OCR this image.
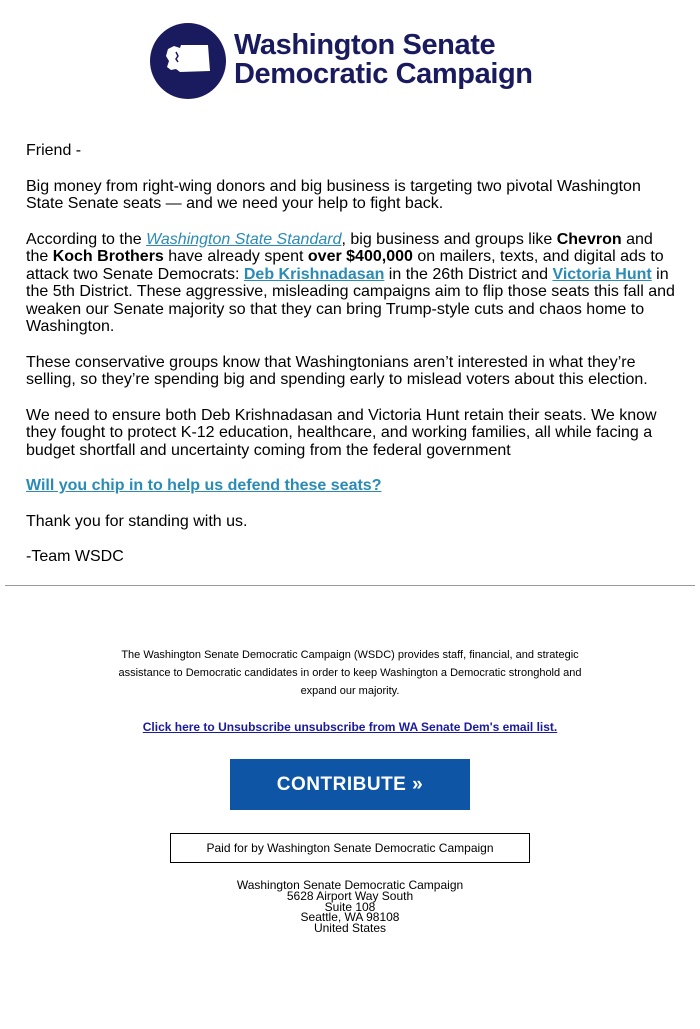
Washington Senate
Democratic Campaign

Friend -

Big money from right-wing donors and big business is targeting two pivotal Washington State Senate seats — and we need your help to fight back.

According to the Washington State Standard, big business and groups like Chevron and the Koch Brothers have already spent over $400,000 on mailers, texts, and digital ads to attack two Senate Democrats: Deb Krishnadasan in the 26th District and Victoria Hunt in the 5th District. These aggressive, misleading campaigns aim to flip those seats this fall and weaken our Senate majority so that they can bring Trump-style cuts and chaos home to Washington.

These conservative groups know that Washingtonians aren’t interested in what they’re selling, so they’re spending big and spending early to mislead voters about this election.

We need to ensure both Deb Krishnadasan and Victoria Hunt retain their seats. We know they fought to protect K-12 education, healthcare, and working families, all while facing a budget shortfall and uncertainty coming from the federal government

Will you chip in to help us defend these seats?

Thank you for standing with us.

-Team WSDC

The Washington Senate Democratic Campaign (WSDC) provides staff, financial, and strategic assistance to Democratic candidates in order to keep Washington a Democratic stronghold and expand our majority.
Click here to Unsubscribe unsubscribe from WA Senate Dem's email list.
CONTRIBUTE »
Paid for by Washington Senate Democratic Campaign
Washington Senate Democratic Campaign
5628 Airport Way South
Suite 108
Seattle, WA 98108
United States
